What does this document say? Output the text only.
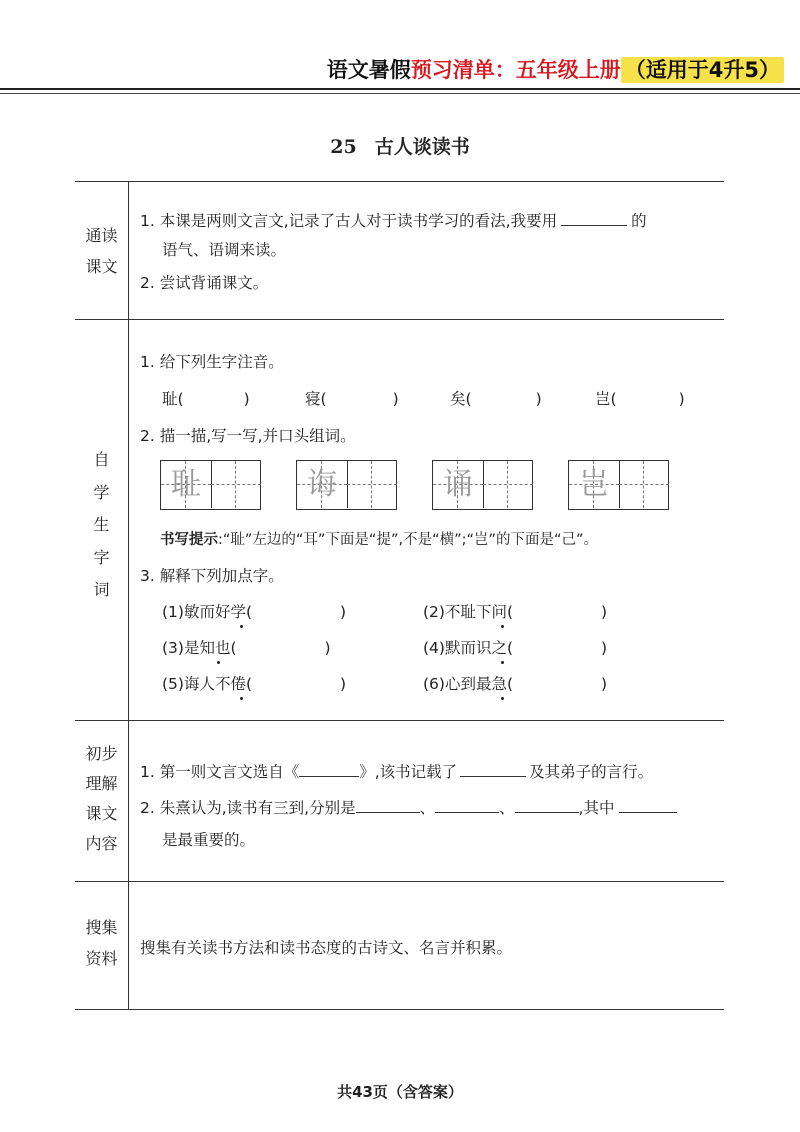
语文暑假预习清单：五年级上册 （适用于4升5）
25 古人谈读书
通读
课文
1. 本课是两则文言文,记录了古人对于读书学习的看法,我要用	的
语气、语调来读。
2. 尝试背诵课文。
自
学
生
字
词
1. 给下列生字注音。
耻(	)	寝(	)	矣(	)	岂(	)
2. 描一描,写一写,并口头组词。
耻	诲	诵	岂
书写提示:“耻”左边的“耳”下面是“提”,不是“横”;“岂”的下面是“己”。
3. 解释下列加点字。
(1)敏而好学(	)	(2)不耻下问(	)
(3)是知也(	)	(4)默而识之(	)
(5)诲人不倦(	)	(6)心到最急(	)
初步
理解
课文
内容
1. 第一则文言文选自《	》,该书记载了	及其弟子的言行。
2. 朱熹认为,读书有三到,分别是	、	、	,其中
是最重要的。
搜集
资料
搜集有关读书方法和读书态度的古诗文、名言并积累。
共43页（含答案）
